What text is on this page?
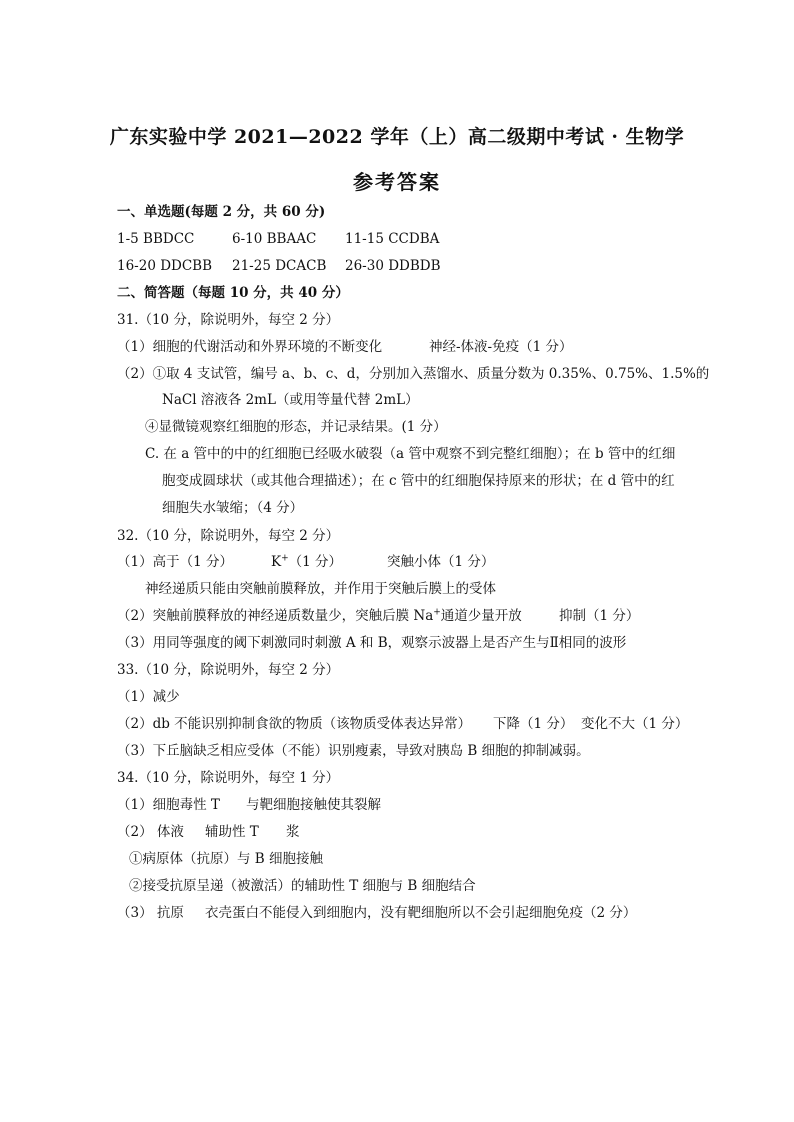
广东实验中学 2021—2022 学年（上）高二级期中考试 · 生物学
参考答案
一、单选题(每题 2 分，共 60 分)
1-5 BBDCC	6-10 BBAAC 11-15 CCDBA
16-20 DDCBB 21-25 DCACB 26-30 DDBDB
二、简答题（每题 10 分，共 40 分）
31.（10 分，除说明外，每空 2 分）
（1）细胞的代谢活动和外界环境的不断变化	神经-体液-免疫（1 分）
（2）①取 4 支试管，编号 a、b、c、d，分别加入蒸馏水、质量分数为 0.35%、0.75%、1.5%的
NaCl 溶液各 2mL（或用等量代替 2mL）
④显微镜观察红细胞的形态，并记录结果。(1 分）
C. 在 a 管中的中的红细胞已经吸水破裂（a 管中观察不到完整红细胞）；在 b 管中的红细
胞变成圆球状（或其他合理描述）；在 c 管中的红细胞保持原来的形状；在 d 管中的红
细胞失水皱缩；（4 分）
32.（10 分，除说明外，每空 2 分）
（1）高于（1 分）	K+（1 分）	突触小体（1 分）
神经递质只能由突触前膜释放，并作用于突触后膜上的受体
（2）突触前膜释放的神经递质数量少，突触后膜 Na+通道少量开放	抑制（1 分）
（3）用同等强度的阈下刺激同时刺激 A 和 B，观察示波器上是否产生与Ⅱ相同的波形
33.（10 分，除说明外，每空 2 分）
（1）减少
（2）db 不能识别抑制食欲的物质（该物质受体表达异常） 下降（1 分） 变化不大（1 分）
（3）下丘脑缺乏相应受体（不能）识别瘦素，导致对胰岛 B 细胞的抑制减弱。
34.（10 分，除说明外，每空 1 分）
（1）细胞毒性 T 与靶细胞接触使其裂解
（2） 体液 辅助性 T 浆
①病原体（抗原）与 B 细胞接触
②接受抗原呈递（被激活）的辅助性 T 细胞与 B 细胞结合
（3） 抗原 衣壳蛋白不能侵入到细胞内，没有靶细胞所以不会引起细胞免疫（2 分）
